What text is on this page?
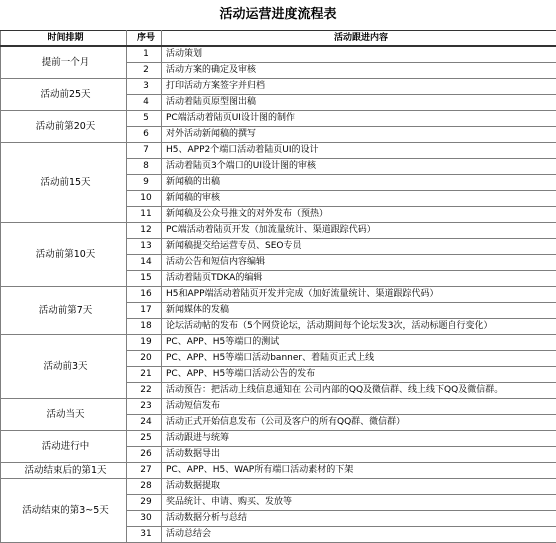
活动运营进度流程表
时间排期	序号	活动跟进内容
提前一个月	1	活动策划
	2	活动方案的确定及审核
活动前25天	3	打印活动方案签字并归档
	4	活动着陆页原型图出稿
活动前第20天	5	PC端活动着陆页UI设计图的制作
	6	对外活动新闻稿的撰写
活动前15天	7	H5、APP2个端口活动着陆页UI的设计
	8	活动着陆页3个端口的UI设计图的审核
	9	新闻稿的出稿
	10	新闻稿的审核
	11	新闻稿及公众号推文的对外发布（预热）
活动前第10天	12	PC端活动着陆页开发（加流量统计、渠道跟踪代码）
	13	新闻稿提交给运营专员、SEO专员
	14	活动公告和短信内容编辑
	15	活动着陆页TDKA的编辑
活动前第7天	16	H5和APP端活动着陆页开发并完成（加好流量统计、渠道跟踪代码）
	17	新闻媒体的发稿
	18	论坛活动帖的发布（5个网贷论坛，活动期间每个论坛发3次，活动标题自行变化）
活动前3天	19	PC、APP、H5等端口的测试
	20	PC、APP、H5等端口活动banner、着陆页正式上线
	21	PC、APP、H5等端口活动公告的发布
	22	活动预告：把活动上线信息通知在 公司内部的QQ及微信群、线上线下QQ及微信群。
活动当天	23	活动短信发布
	24	活动正式开始信息发布（公司及客户的所有QQ群、微信群）
活动进行中	25	活动跟进与统筹
	26	活动数据导出
活动结束后的第1天	27	PC、APP、H5、WAP所有端口活动素材的下架
活动结束的第3~5天	28	活动数据提取
	29	奖品统计、申请、购买、发放等
	30	活动数据分析与总结
	31	活动总结会
